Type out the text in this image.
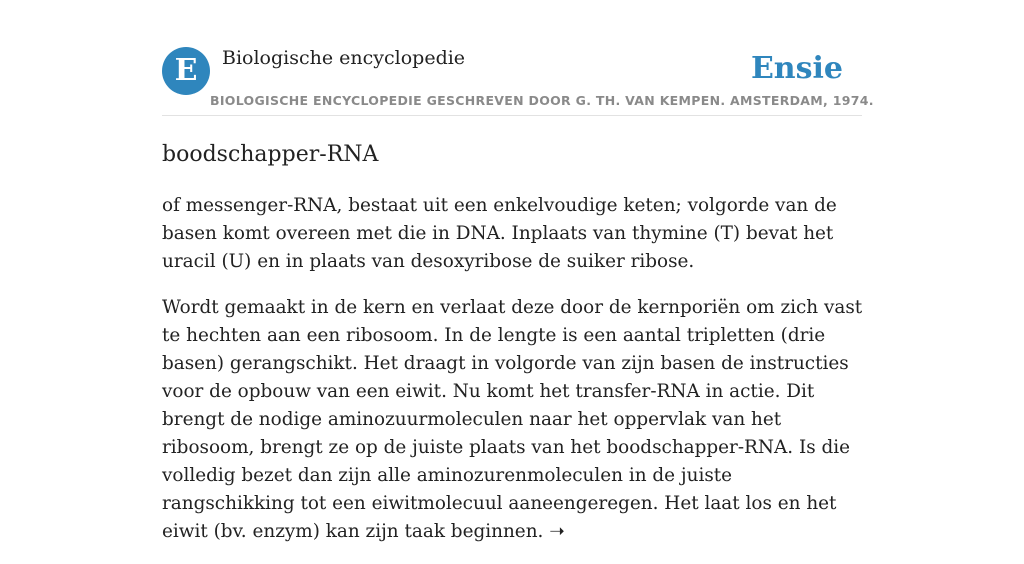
E	Biologische encyclopedie	Ensie
BIOLOGISCHE ENCYCLOPEDIE GESCHREVEN DOOR G. TH. VAN KEMPEN. AMSTERDAM, 1974.
boodschapper-RNA

of messenger-RNA, bestaat uit een enkelvoudige keten; volgorde van de basen komt overeen met die in DNA. Inplaats van thymine (T) bevat het uracil (U) en in plaats van desoxyribose de suiker ribose.

Wordt gemaakt in de kern en verlaat deze door de kernporiën om zich vast te hechten aan een ribosoom. In de lengte is een aantal tripletten (drie basen) gerangschikt. Het draagt in volgorde van zijn basen de instructies voor de opbouw van een eiwit. Nu komt het transfer-RNA in actie. Dit brengt de nodige aminozuurmoleculen naar het oppervlak van het ribosoom, brengt ze op de juiste plaats van het boodschapper-RNA. Is die volledig bezet dan zijn alle aminozurenmoleculen in de juiste rangschikking tot een eiwitmolecuul aaneengeregen. Het laat los en het eiwit (bv. enzym) kan zijn taak beginnen. ➝
